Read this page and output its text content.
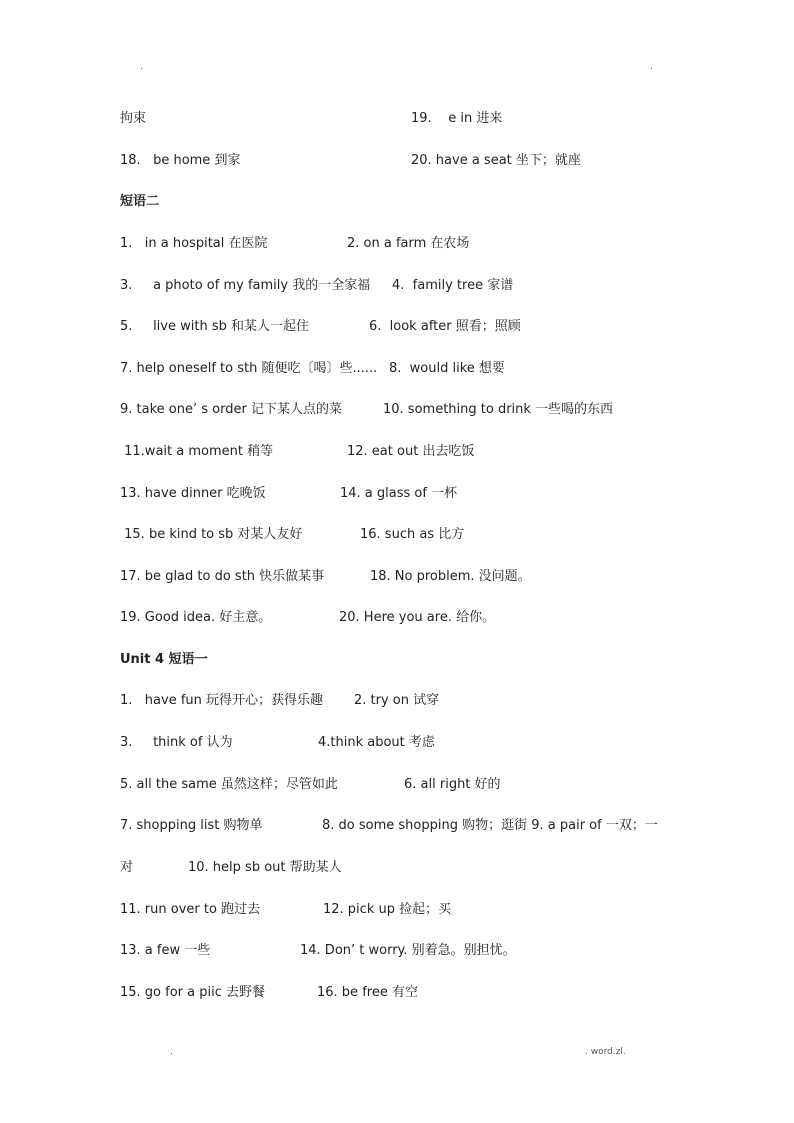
.	.
拘束	19.    e in 进来
18.   be home 到家	20. have a seat 坐下；就座
短语二
1.   in a hospital 在医院	2. on a farm 在农场
3.     a photo of my family 我的一全家福 4.  family tree 家谱
5.     live with sb 和某人一起住	6.  look after 照看；照顾
7. help oneself to sth 随便吃〔喝〕些...... 8.  would like 想要
9. take one’ s order 记下某人点的菜	10. something to drink 一些喝的东西
11.wait a moment 稍等	12. eat out 出去吃饭
13. have dinner 吃晚饭	14. a glass of 一杯
15. be kind to sb 对某人友好	16. such as 比方
17. be glad to do sth 快乐做某事	18. No problem. 没问题。
19. Good idea. 好主意。	20. Here you are. 给你。
Unit 4 短语一
1.   have fun 玩得开心；获得乐趣 2. try on 试穿
3.     think of 认为	4.think about 考虑
5. all the same 虽然这样；尽管如此	6. all right 好的
7. shopping list 购物单	8. do some shopping 购物；逛街 9. a pair of 一双；一
对	10. help sb out 帮助某人
11. run over to 跑过去	12. pick up 捡起；买
13. a few 一些	14. Don’ t worry. 别着急。别担忧。
15. go for a piic 去野餐	16. be free 有空
.	. word.zl.
